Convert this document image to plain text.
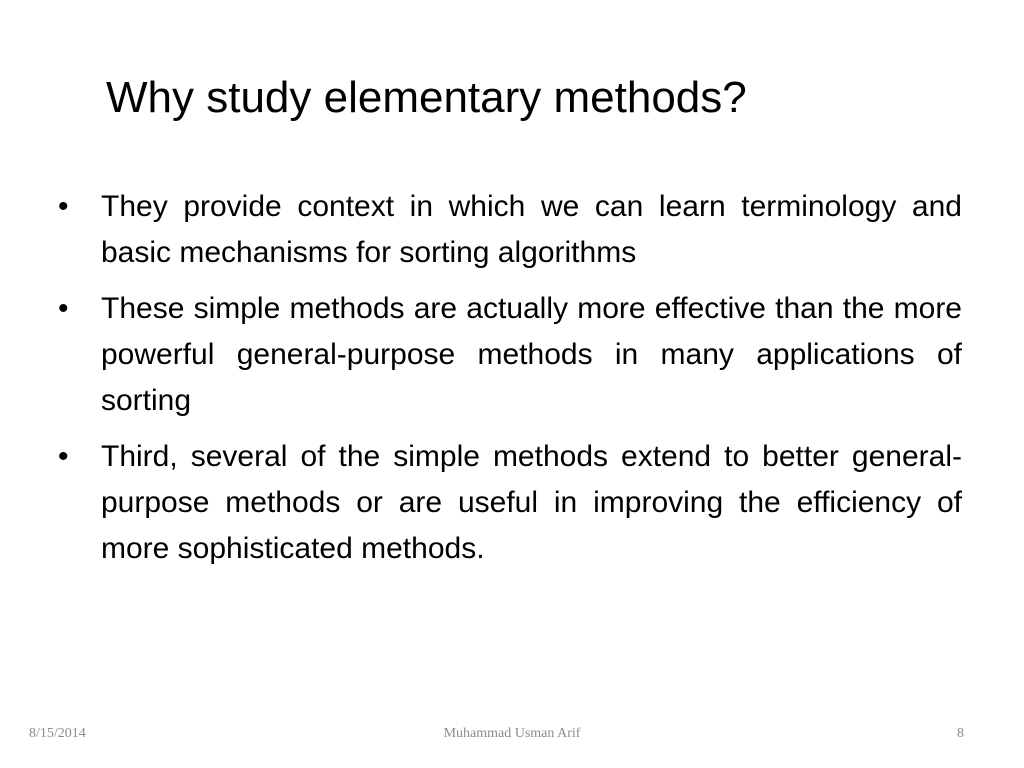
Why study elementary methods?
• They provide context in which we can learn terminology and basic mechanisms for sorting algorithms
• These simple methods are actually more effective than the more powerful general-purpose methods in many applications of sorting
• Third, several of the simple methods extend to better general-purpose methods or are useful in improving the efficiency of more sophisticated methods.
8/15/2014	Muhammad Usman Arif	8
